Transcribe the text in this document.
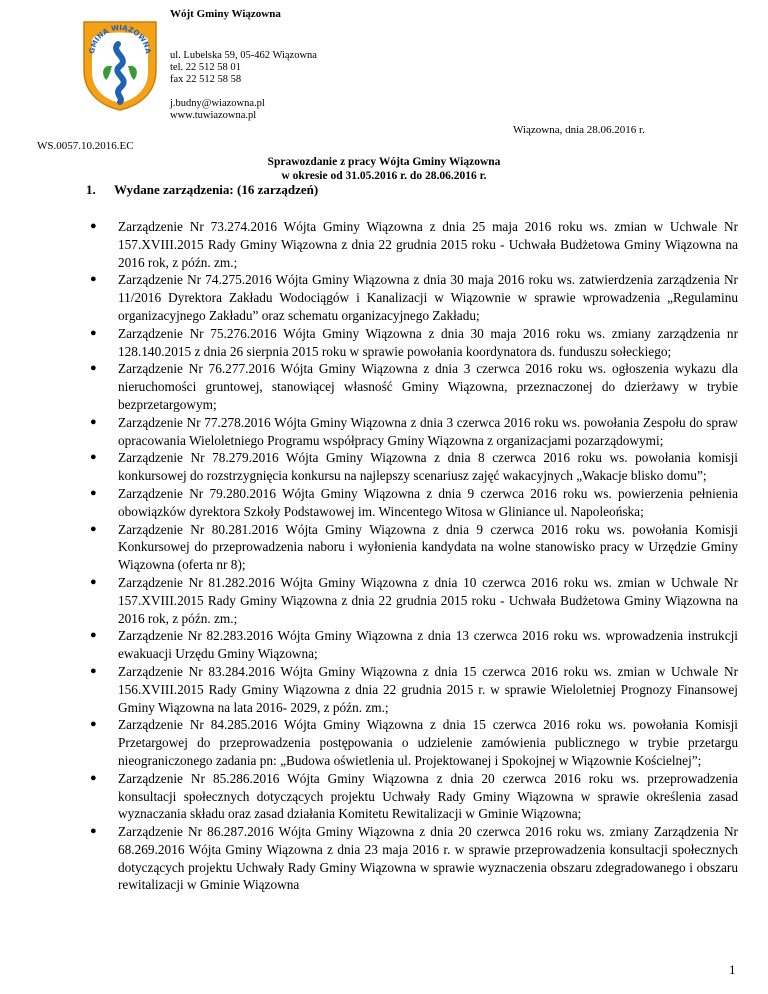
GMINA WIĄZOWNA
Wójt Gminy Wiązowna
ul. Lubelska 59, 05-462 Wiązowna
tel. 22 512 58 01
fax 22 512 58 58
j.budny@wiazowna.pl
www.tuwiazowna.pl
Wiązowna, dnia 28.06.2016 r.
WS.0057.10.2016.EC
Sprawozdanie z pracy Wójta Gminy Wiązowna
w okresie od 31.05.2016 r. do 28.06.2016 r.
1. Wydane zarządzenia: (16 zarządzeń)
● Zarządzenie Nr 73.274.2016 Wójta Gminy Wiązowna z dnia 25 maja 2016 roku ws. zmian w Uchwale Nr 157.XVIII.2015 Rady Gminy Wiązowna z dnia 22 grudnia 2015 roku - Uchwała Budżetowa Gminy Wiązowna na 2016 rok, z późn. zm.;
● Zarządzenie Nr 74.275.2016 Wójta Gminy Wiązowna z dnia 30 maja 2016 roku ws. zatwierdzenia zarządzenia Nr 11/2016 Dyrektora Zakładu Wodociągów i Kanalizacji w Wiązownie w sprawie wprowadzenia „Regulaminu organizacyjnego Zakładu” oraz schematu organizacyjnego Zakładu;
● Zarządzenie Nr 75.276.2016 Wójta Gminy Wiązowna z dnia 30 maja 2016 roku ws. zmiany zarządzenia nr 128.140.2015 z dnia 26 sierpnia 2015 roku w sprawie powołania koordynatora ds. funduszu sołeckiego;
● Zarządzenie Nr 76.277.2016 Wójta Gminy Wiązowna z dnia 3 czerwca 2016 roku ws. ogłoszenia wykazu dla nieruchomości gruntowej, stanowiącej własność Gminy Wiązowna, przeznaczonej do dzierżawy w trybie bezprzetargowym;
● Zarządzenie Nr 77.278.2016 Wójta Gminy Wiązowna z dnia 3 czerwca 2016 roku ws. powołania Zespołu do spraw opracowania Wieloletniego Programu współpracy Gminy Wiązowna z organizacjami pozarządowymi;
● Zarządzenie Nr 78.279.2016 Wójta Gminy Wiązowna z dnia 8 czerwca 2016 roku ws. powołania komisji konkursowej do rozstrzygnięcia konkursu na najlepszy scenariusz zajęć wakacyjnych „Wakacje blisko domu”;
● Zarządzenie Nr 79.280.2016 Wójta Gminy Wiązowna z dnia 9 czerwca 2016 roku ws. powierzenia pełnienia obowiązków dyrektora Szkoły Podstawowej im. Wincentego Witosa w Gliniance ul. Napoleońska;
● Zarządzenie Nr 80.281.2016 Wójta Gminy Wiązowna z dnia 9 czerwca 2016 roku ws. powołania Komisji Konkursowej do przeprowadzenia naboru i wyłonienia kandydata na wolne stanowisko pracy w Urzędzie Gminy Wiązowna (oferta nr 8);
● Zarządzenie Nr 81.282.2016 Wójta Gminy Wiązowna z dnia 10 czerwca 2016 roku ws. zmian w Uchwale Nr 157.XVIII.2015 Rady Gminy Wiązowna z dnia 22 grudnia 2015 roku - Uchwała Budżetowa Gminy Wiązowna na 2016 rok, z późn. zm.;
● Zarządzenie Nr 82.283.2016 Wójta Gminy Wiązowna z dnia 13 czerwca 2016 roku ws. wprowadzenia instrukcji ewakuacji Urzędu Gminy Wiązowna;
● Zarządzenie Nr 83.284.2016 Wójta Gminy Wiązowna z dnia 15 czerwca 2016 roku ws. zmian w Uchwale Nr 156.XVIII.2015 Rady Gminy Wiązowna z dnia 22 grudnia 2015 r. w sprawie Wieloletniej Prognozy Finansowej Gminy Wiązowna na lata 2016- 2029, z późn. zm.;
● Zarządzenie Nr 84.285.2016 Wójta Gminy Wiązowna z dnia 15 czerwca 2016 roku ws. powołania Komisji Przetargowej do przeprowadzenia postępowania o udzielenie zamówienia publicznego w trybie przetargu nieograniczonego zadania pn: „Budowa oświetlenia ul. Projektowanej i Spokojnej w Wiązownie Kościelnej”;
● Zarządzenie Nr 85.286.2016 Wójta Gminy Wiązowna z dnia 20 czerwca 2016 roku ws. przeprowadzenia konsultacji społecznych dotyczących projektu Uchwały Rady Gminy Wiązowna w sprawie określenia zasad wyznaczania składu oraz zasad działania Komitetu Rewitalizacji w Gminie Wiązowna;
● Zarządzenie Nr 86.287.2016 Wójta Gminy Wiązowna z dnia 20 czerwca 2016 roku ws. zmiany Zarządzenia Nr 68.269.2016 Wójta Gminy Wiązowna z dnia 23 maja 2016 r. w sprawie przeprowadzenia konsultacji społecznych dotyczących projektu Uchwały Rady Gminy Wiązowna w sprawie wyznaczenia obszaru zdegradowanego i obszaru rewitalizacji w Gminie Wiązowna
1
